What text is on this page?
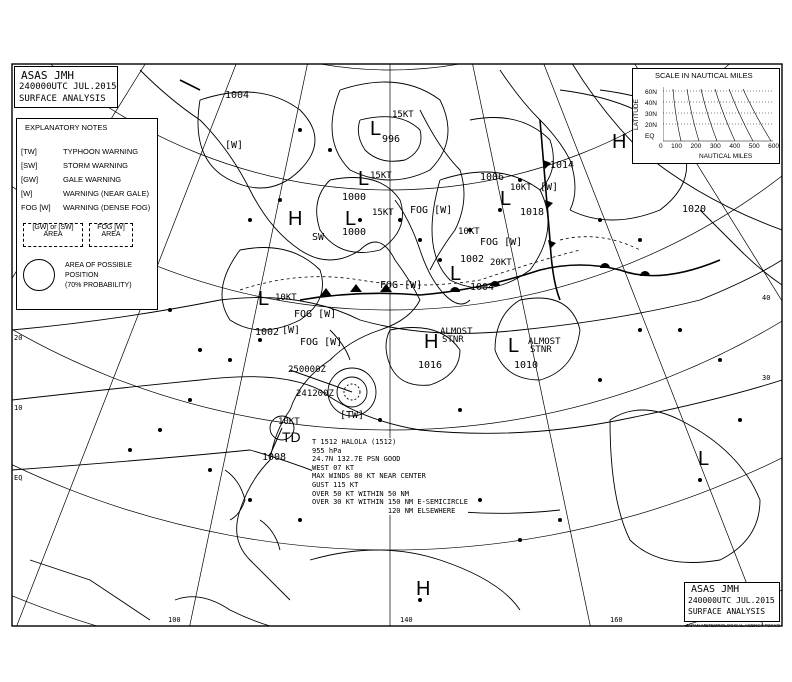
L
L
L
L
L
L
L
L
H
H
H
H
TD
996
1000
1000
1002
1002
1004
1006
1010
1016
1014
1018
1008
1004
1020
15KT
15KT
15KT
10KT
10KT
20KT
10KT
ALMOST
STNR
ALMOST
STNR
10KT
FOG [W]
FOG [W]
FOG [W]
FOG [W]
FOG [W]
SW
[W]
[W]
[W]
[TW]
250000Z
241200Z
20
10
EQ
30
40
100	140	160
ASAS JMH
240000UTC JUL.2015
SURFACE ANALYSIS
EXPLANATORY NOTES
[TW]	TYPHOON WARNING
[SW]	STORM WARNING
[GW]	GALE WARNING
[W]	WARNING (NEAR GALE)
FOG [W] WARNING (DENSE FOG)
[GW] or [SW]
AREA
FOG [W]
AREA
AREA OF POSSIBLE
POSITION
(70% PROBABILITY)
SCALE IN NAUTICAL MILES
LATITUDE
60N
40N
30N
20N
EQ
0 100 200 300 400 500 600
NAUTICAL MILES
T 1512 HALOLA (1512)
955 hPa
24.7N 132.7E PSN GOOD
WEST 07 KT
MAX WINDS 80 KT NEAR CENTER
GUST 115 KT
OVER 50 KT WITHIN 50 NM
OVER 30 KT WITHIN 150 NM E-SEMICIRCLE
120 NM ELSEWHERE
ASAS JMH
240000UTC JUL.2015
SURFACE ANALYSIS
JAPAN METEOROLOGICAL AGENCY TOKYO
